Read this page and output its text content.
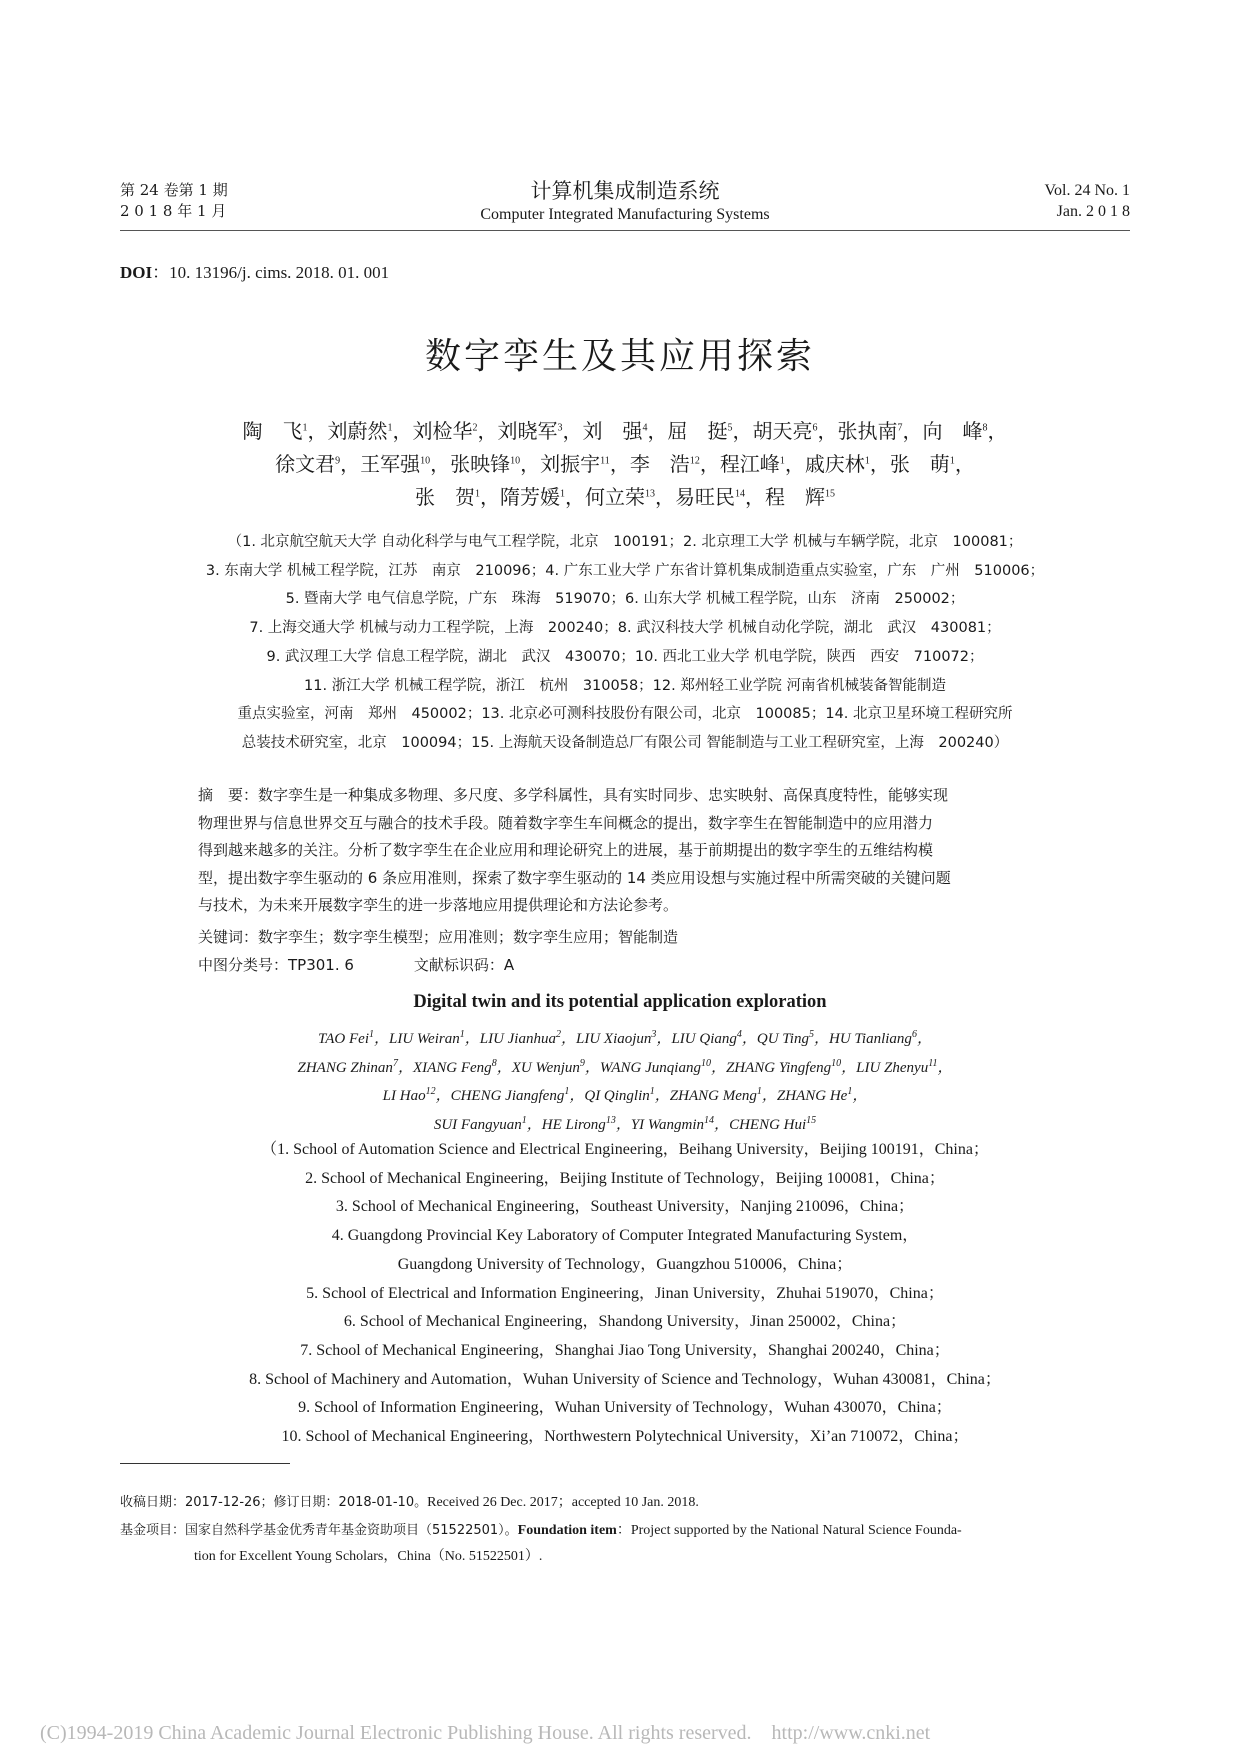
第 24 卷第 1 期
2 0 1 8 年 1 月
计算机集成制造系统
Computer Integrated Manufacturing Systems
Vol. 24 No. 1
Jan. 2 0 1 8
DOI：10. 13196/j. cims. 2018. 01. 001
数字孪生及其应用探索
陶　飞$^1$，刘蔚然$^1$，刘检华$^2$，刘晓军$^3$，刘　强$^4$，屈　挺$^5$，胡天亮$^6$，张执南$^7$，向　峰$^8$，
徐文君$^9$，王军强$^{10}$，张映锋$^{10}$，刘振宇$^{11}$，李　浩$^{12}$，程江峰$^1$，戚庆林$^1$，张　萌$^1$，
张　贺$^1$，隋芳媛$^1$，何立荣$^{13}$，易旺民$^{14}$，程　辉$^{15}$
（1. 北京航空航天大学 自动化科学与电气工程学院，北京　100191；2. 北京理工大学 机械与车辆学院，北京　100081；
3. 东南大学 机械工程学院，江苏　南京　210096；4. 广东工业大学 广东省计算机集成制造重点实验室，广东　广州　510006；
5. 暨南大学 电气信息学院，广东　珠海　519070；6. 山东大学 机械工程学院，山东　济南　250002；
7. 上海交通大学 机械与动力工程学院，上海　200240；8. 武汉科技大学 机械自动化学院，湖北　武汉　430081；
9. 武汉理工大学 信息工程学院，湖北　武汉　430070；10. 西北工业大学 机电学院，陕西　西安　710072；
11. 浙江大学 机械工程学院，浙江　杭州　310058；12. 郑州轻工业学院 河南省机械装备智能制造
重点实验室，河南　郑州　450002；13. 北京必可测科技股份有限公司，北京　100085；14. 北京卫星环境工程研究所
总装技术研究室，北京　100094；15. 上海航天设备制造总厂有限公司 智能制造与工业工程研究室，上海　200240）
摘　要：数字孪生是一种集成多物理、多尺度、多学科属性，具有实时同步、忠实映射、高保真度特性，能够实现
物理世界与信息世界交互与融合的技术手段。随着数字孪生车间概念的提出，数字孪生在智能制造中的应用潜力
得到越来越多的关注。分析了数字孪生在企业应用和理论研究上的进展，基于前期提出的数字孪生的五维结构模
型，提出数字孪生驱动的 6 条应用准则，探索了数字孪生驱动的 14 类应用设想与实施过程中所需突破的关键问题
与技术，为未来开展数字孪生的进一步落地应用提供理论和方法论参考。
关键词：数字孪生；数字孪生模型；应用准则；数字孪生应用；智能制造
中图分类号：TP301. 6	文献标识码：A
Digital twin and its potential application exploration
TAO Fei$^1$，LIU Weiran$^1$，LIU Jianhua$^2$，LIU Xiaojun$^3$，LIU Qiang$^4$，QU Ting$^5$，HU Tianliang$^6$，
ZHANG Zhinan$^7$，XIANG Feng$^8$，XU Wenjun$^9$，WANG Junqiang$^{10}$，ZHANG Yingfeng$^{10}$，LIU Zhenyu$^{11}$，
LI Hao$^{12}$，CHENG Jiangfeng$^1$，QI Qinglin$^1$，ZHANG Meng$^1$，ZHANG He$^1$，
SUI Fangyuan$^1$，HE Lirong$^{13}$，YI Wangmin$^{14}$，CHENG Hui$^{15}$
（1. School of Automation Science and Electrical Engineering，Beihang University，Beijing 100191，China；
2. School of Mechanical Engineering，Beijing Institute of Technology，Beijing 100081，China；
3. School of Mechanical Engineering，Southeast University，Nanjing 210096，China；
4. Guangdong Provincial Key Laboratory of Computer Integrated Manufacturing System，
Guangdong University of Technology，Guangzhou 510006，China；
5. School of Electrical and Information Engineering，Jinan University，Zhuhai 519070，China；
6. School of Mechanical Engineering，Shandong University，Jinan 250002，China；
7. School of Mechanical Engineering，Shanghai Jiao Tong University，Shanghai 200240，China；
8. School of Machinery and Automation，Wuhan University of Science and Technology，Wuhan 430081，China；
9. School of Information Engineering，Wuhan University of Technology，Wuhan 430070，China；
10. School of Mechanical Engineering，Northwestern Polytechnical University，Xi’an 710072，China；
收稿日期：2017-12-26；修订日期：2018-01-10。Received 26 Dec. 2017；accepted 10 Jan. 2018.
基金项目：国家自然科学基金优秀青年基金资助项目（51522501）。Foundation item：Project supported by the National Natural Science Founda-
tion for Excellent Young Scholars，China（No. 51522501）.
(C)1994-2019 China Academic Journal Electronic Publishing House. All rights reserved.　http://www.cnki.net
